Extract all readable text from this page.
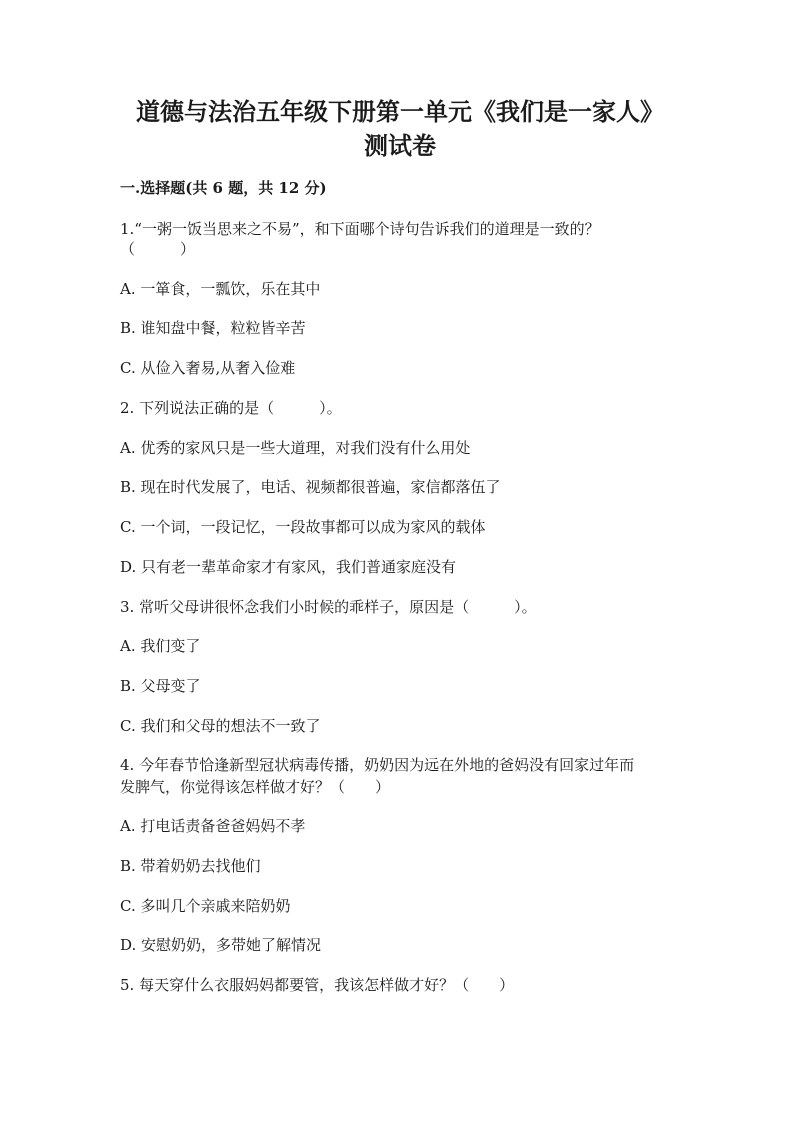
道德与法治五年级下册第一单元《我们是一家人》
测试卷
一.选择题(共 6 题，共 12 分)
1.“一粥一饭当思来之不易”，和下面哪个诗句告诉我们的道理是一致的？
（　　　）
A. 一箪食，一瓢饮，乐在其中
B. 谁知盘中餐，粒粒皆辛苦
C. 从俭入奢易,从奢入俭难
2. 下列说法正确的是（　　　）。
A. 优秀的家风只是一些大道理，对我们没有什么用处
B. 现在时代发展了，电话、视频都很普遍，家信都落伍了
C. 一个词，一段记忆，一段故事都可以成为家风的载体
D. 只有老一辈革命家才有家风，我们普通家庭没有
3. 常听父母讲很怀念我们小时候的乖样子，原因是（　　　）。
A. 我们变了
B. 父母变了
C. 我们和父母的想法不一致了
4. 今年春节恰逢新型冠状病毒传播，奶奶因为远在外地的爸妈没有回家过年而
发脾气，你觉得该怎样做才好？（　　）
A. 打电话责备爸爸妈妈不孝
B. 带着奶奶去找他们
C. 多叫几个亲戚来陪奶奶
D. 安慰奶奶，多带她了解情况
5. 每天穿什么衣服妈妈都要管，我该怎样做才好？（　　）
